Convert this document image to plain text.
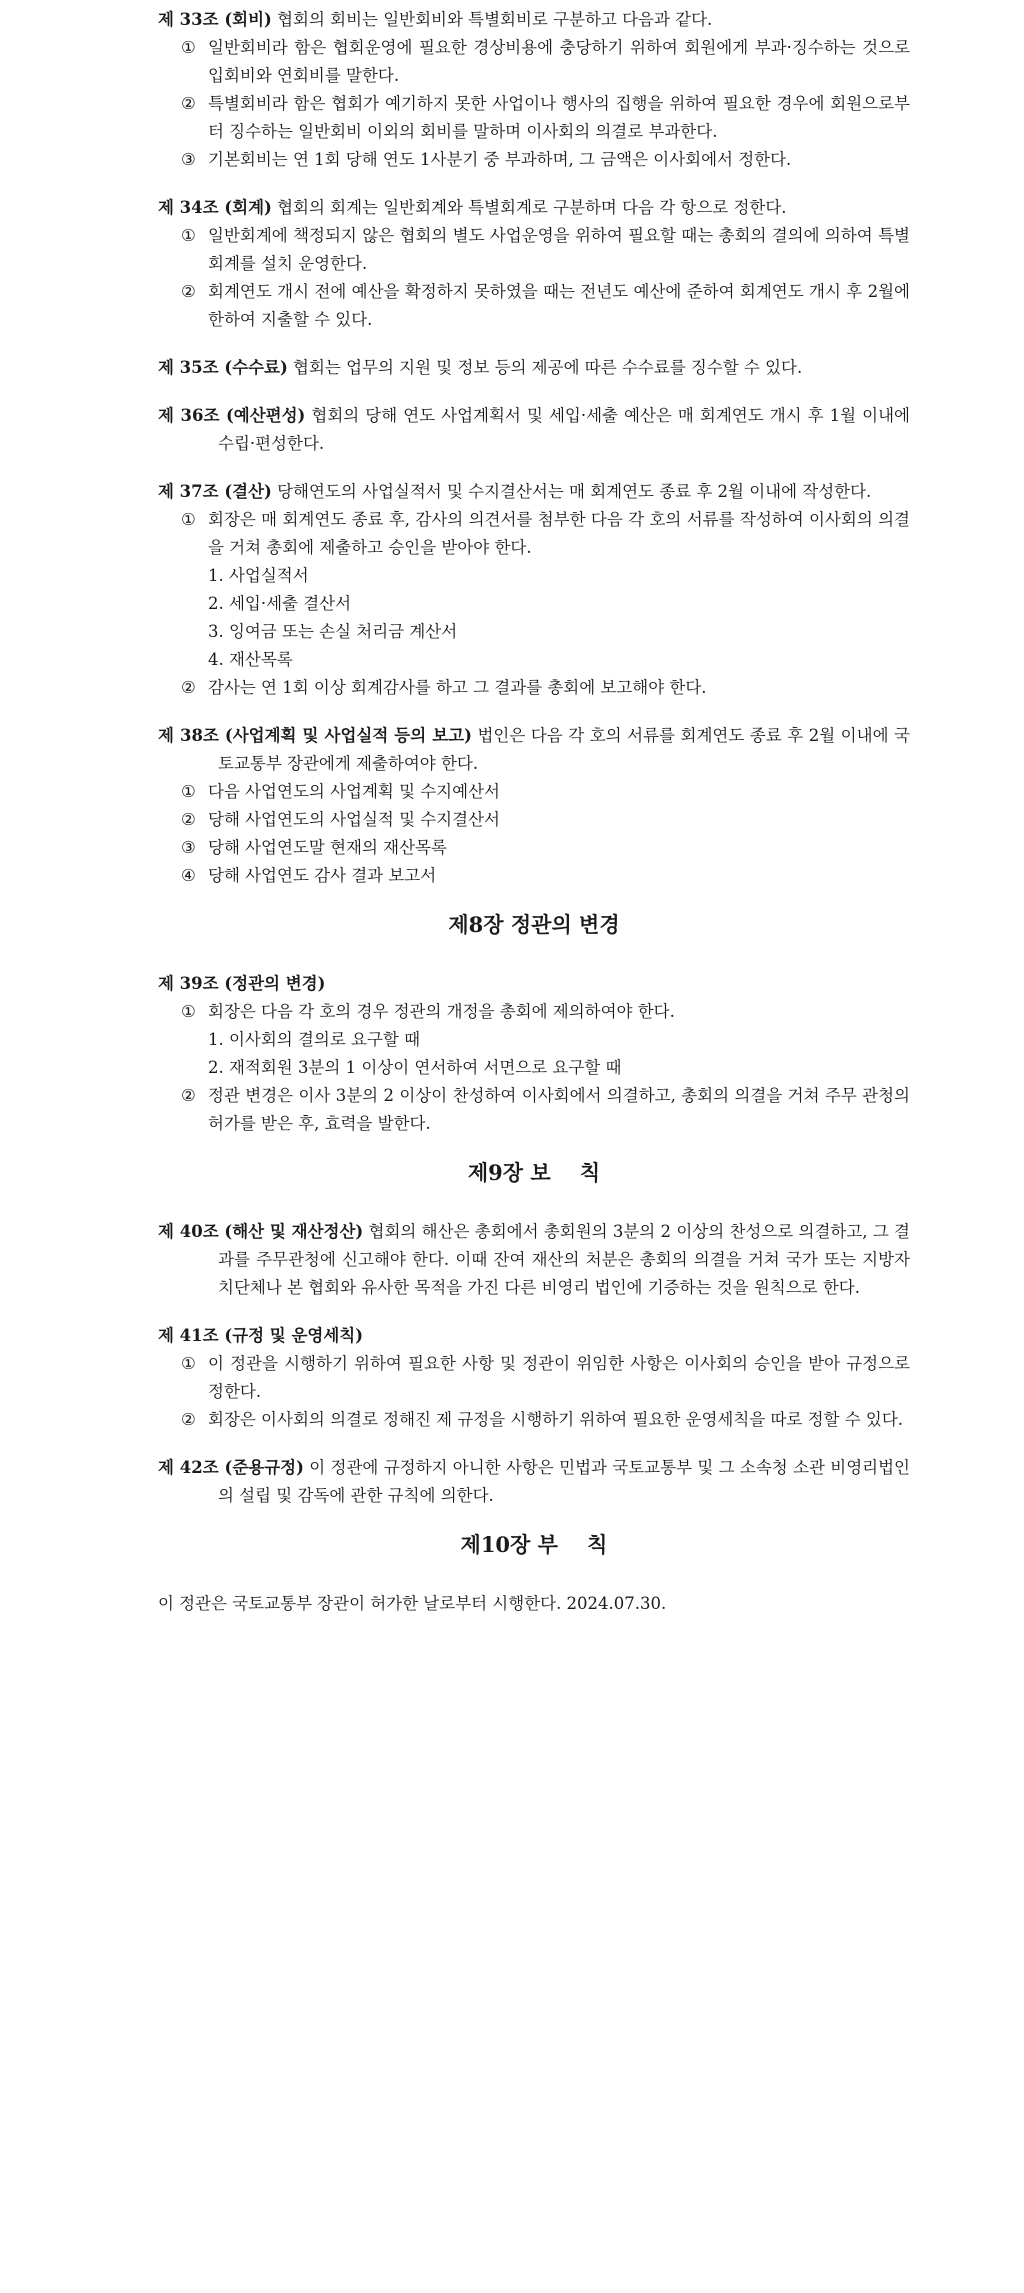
제 33조 (회비) 협회의 회비는 일반회비와 특별회비로 구분하고 다음과 같다.
① 일반회비라 함은 협회운영에 필요한 경상비용에 충당하기 위하여 회원에게 부과·징수하는 것으로 입회비와 연회비를 말한다.
② 특별회비라 함은 협회가 예기하지 못한 사업이나 행사의 집행을 위하여 필요한 경우에 회원으로부터 징수하는 일반회비 이외의 회비를 말하며 이사회의 의결로 부과한다.
③ 기본회비는 연 1회 당해 연도 1사분기 중 부과하며, 그 금액은 이사회에서 정한다.
제 34조 (회계) 협회의 회계는 일반회계와 특별회계로 구분하며 다음 각 항으로 정한다.
① 일반회계에 책정되지 않은 협회의 별도 사업운영을 위하여 필요할 때는 총회의 결의에 의하여 특별회계를 설치 운영한다.
② 회계연도 개시 전에 예산을 확정하지 못하였을 때는 전년도 예산에 준하여 회계연도 개시 후 2월에 한하여 지출할 수 있다.
제 35조 (수수료) 협회는 업무의 지원 및 정보 등의 제공에 따른 수수료를 징수할 수 있다.
제 36조 (예산편성) 협회의 당해 연도 사업계획서 및 세입·세출 예산은 매 회계연도 개시 후 1월 이내에 수립·편성한다.
제 37조 (결산) 당해연도의 사업실적서 및 수지결산서는 매 회계연도 종료 후 2월 이내에 작성한다.
① 회장은 매 회계연도 종료 후, 감사의 의견서를 첨부한 다음 각 호의 서류를 작성하여 이사회의 의결을 거쳐 총회에 제출하고 승인을 받아야 한다.
1. 사업실적서
2. 세입·세출 결산서
3. 잉여금 또는 손실 처리금 계산서
4. 재산목록
② 감사는 연 1회 이상 회계감사를 하고 그 결과를 총회에 보고해야 한다.
제 38조 (사업계획 및 사업실적 등의 보고) 법인은 다음 각 호의 서류를 회계연도 종료 후 2월 이내에 국토교통부 장관에게 제출하여야 한다.
① 다음 사업연도의 사업계획 및 수지예산서
② 당해 사업연도의 사업실적 및 수지결산서
③ 당해 사업연도말 현재의 재산목록
④ 당해 사업연도 감사 결과 보고서
제8장 정관의 변경
제 39조 (정관의 변경)
① 회장은 다음 각 호의 경우 정관의 개정을 총회에 제의하여야 한다.
1. 이사회의 결의로 요구할 때
2. 재적회원 3분의 1 이상이 연서하여 서면으로 요구할 때
② 정관 변경은 이사 3분의 2 이상이 찬성하여 이사회에서 의결하고, 총회의 의결을 거쳐 주무 관청의 허가를 받은 후, 효력을 발한다.
제9장 보    칙
제 40조 (해산 및 재산정산) 협회의 해산은 총회에서 총회원의 3분의 2 이상의 찬성으로 의결하고, 그 결과를 주무관청에 신고해야 한다. 이때 잔여 재산의 처분은 총회의 의결을 거쳐 국가 또는 지방자치단체나 본 협회와 유사한 목적을 가진 다른 비영리 법인에 기증하는 것을 원칙으로 한다.
제 41조 (규정 및 운영세칙)
① 이 정관을 시행하기 위하여 필요한 사항 및 정관이 위임한 사항은 이사회의 승인을 받아 규정으로 정한다.
② 회장은 이사회의 의결로 정해진 제 규정을 시행하기 위하여 필요한 운영세칙을 따로 정할 수 있다.
제 42조 (준용규정) 이 정관에 규정하지 아니한 사항은 민법과 국토교통부 및 그 소속청 소관 비영리법인의 설립 및 감독에 관한 규칙에 의한다.
제10장 부    칙
이 정관은 국토교통부 장관이 허가한 날로부터 시행한다. 2024.07.30.
